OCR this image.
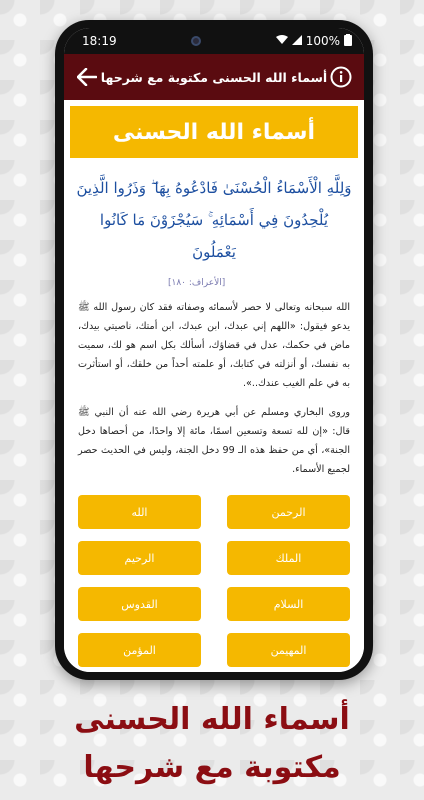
18:19	100%
أسماء الله الحسنى مكتوبة مع شرحها
أسماء الله الحسنى
وَلِلَّهِ الْأَسْمَاءُ الْحُسْنَىٰ فَادْعُوهُ بِهَا ۖ وَذَرُوا الَّذِينَ يُلْحِدُونَ فِي أَسْمَائِهِ ۚ سَيُجْزَوْنَ مَا كَانُوا يَعْمَلُونَ
[الأعراف: ١٨٠]

الله سبحانه وتعالى لا حصر لأسمائه وصفاته فقد كان رسول الله ﷺ يدعو فيقول: «اللهم إني عبدك، ابن عبدك، ابن أمتك، ناصيتي بيدك، ماض في حكمك، عدل في قضاؤك، أسألك بكل اسم هو لك، سميت به نفسك، أو أنزلته في كتابك، أو علمته أحداً من خلقك، أو استأثرت به في علم الغيب عندك..».

وروى البخاري ومسلم عن أبي هريرة رضي الله عنه أن النبي ﷺ قال: «إن لله تسعة وتسعين اسمًا، مائة إلا واحدًا، من أحصاها دخل الجنة»، أي من حفظ هذه الـ 99 دخل الجنة، وليس في الحديث حصر لجميع الأسماء.

الله	الرحمن
الرحيم	الملك
القدوس	السلام
المؤمن	المهيمن
أسماء الله الحسنى
مكتوبة مع شرحها
